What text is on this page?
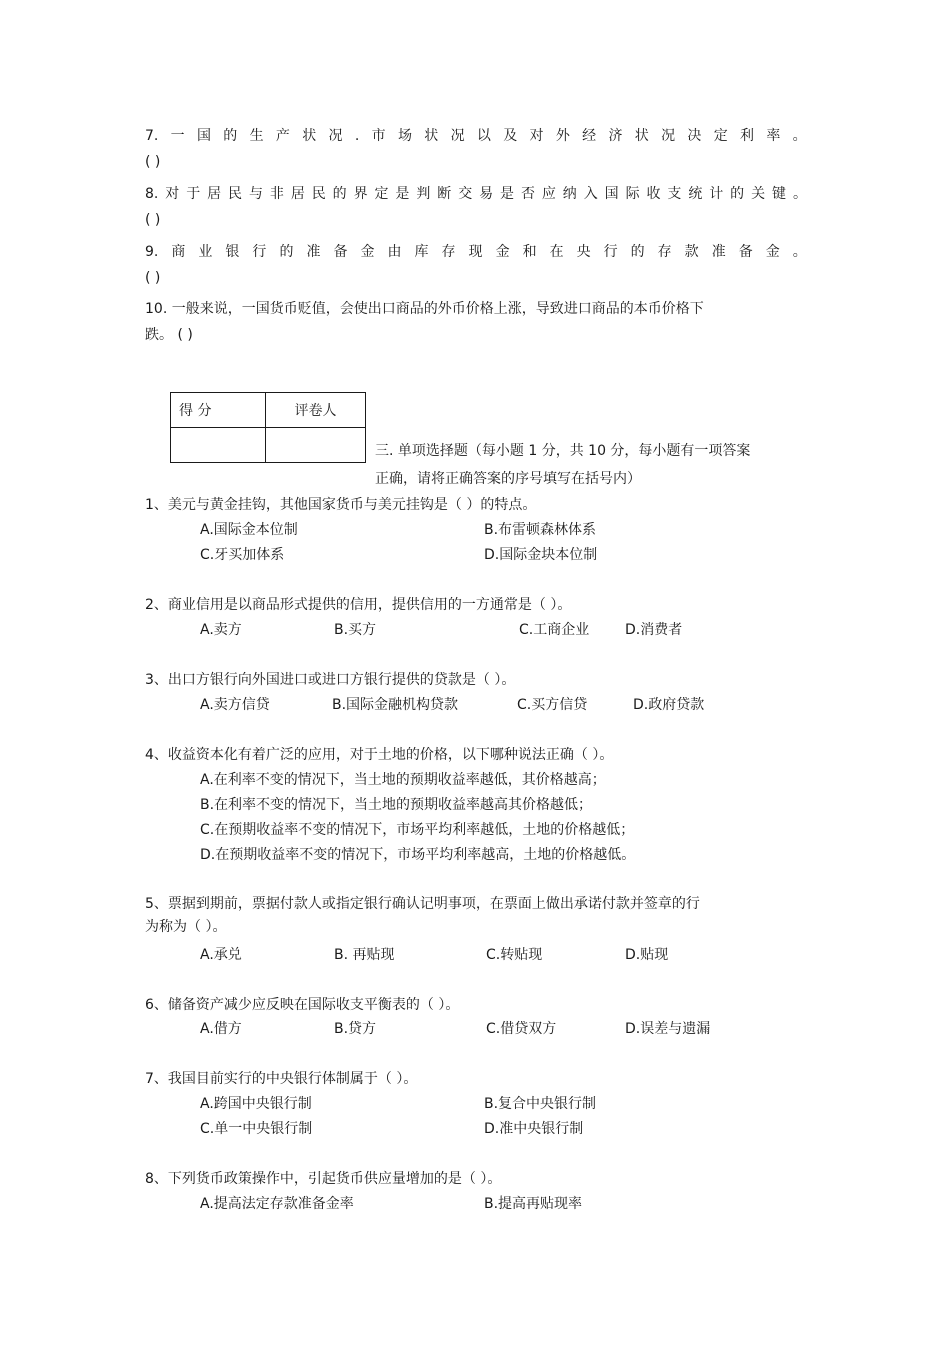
7. 一 国 的 生 产 状 况 . 市 场 状 况 以 及 对 外 经 济 状 况 决 定 利 率 。
( )
8. 对 于 居 民 与 非 居 民 的 界 定 是 判 断 交 易 是 否 应 纳 入 国 际 收 支 统 计 的 关 键 。
( )
9. 商 业 银 行 的 准 备 金 由 库 存 现 金 和 在 央 行 的 存 款 准 备 金 。
( )
10. 一般来说，一国货币贬值，会使出口商品的外币价格上涨，导致进口商品的本币价格下
跌。 ( )
得 分	评卷人

三. 单项选择题（每小题 1 分，共 10 分，每小题有一项答案
正确，请将正确答案的序号填写在括号内）
1、美元与黄金挂钩，其他国家货币与美元挂钩是（ ）的特点。
A.国际金本位制	B.布雷顿森林体系
C.牙买加体系	D.国际金块本位制
2、商业信用是以商品形式提供的信用，提供信用的一方通常是（ ）。
A.卖方	B.买方	C.工商企业	D.消费者
3、出口方银行向外国进口或进口方银行提供的贷款是（ ）。
A.卖方信贷	B.国际金融机构贷款	C.买方信贷	D.政府贷款
4、收益资本化有着广泛的应用，对于土地的价格，以下哪种说法正确（ ）。
A.在利率不变的情况下，当土地的预期收益率越低，其价格越高；
B.在利率不变的情况下，当土地的预期收益率越高其价格越低；
C.在预期收益率不变的情况下，市场平均利率越低，土地的价格越低；
D.在预期收益率不变的情况下，市场平均利率越高，土地的价格越低。
5、票据到期前，票据付款人或指定银行确认记明事项，在票面上做出承诺付款并签章的行
为称为（ ）。
A.承兑	B. 再贴现	C.转贴现	D.贴现
6、储备资产减少应反映在国际收支平衡表的（ ）。
A.借方	B.贷方	C.借贷双方	D.误差与遗漏
7、我国目前实行的中央银行体制属于（ ）。
A.跨国中央银行制	B.复合中央银行制
C.单一中央银行制	D.准中央银行制
8、下列货币政策操作中，引起货币供应量增加的是（ ）。
A.提高法定存款准备金率	B.提高再贴现率
